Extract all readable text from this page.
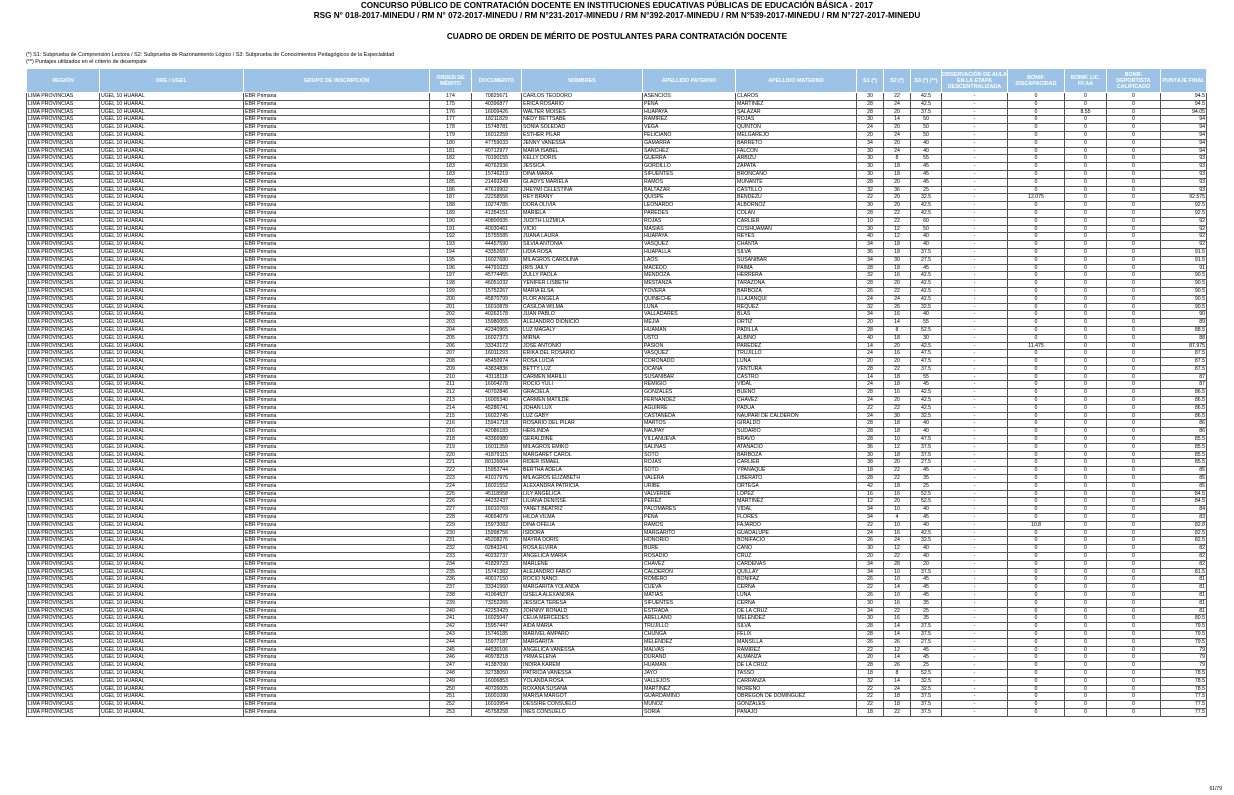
CONCURSO PÚBLICO DE CONTRATACIÓN DOCENTE EN INSTITUCIONES EDUCATIVAS PÚBLICAS DE EDUCACIÓN BÁSICA - 2017
RSG N° 018-2017-MINEDU / RM N° 072-2017-MINEDU / RM N°231-2017-MINEDU / RM N°392-2017-MINEDU / RM N°539-2017-MINEDU / RM N°727-2017-MINEDU
CUADRO DE ORDEN DE MÉRITO DE POSTULANTES PARA CONTRATACIÓN DOCENTE
(*) S1: Subprueba de Comprensión Lectora / S2: Subprueba de Razonamiento Lógico / S3: Subprueba de Conocimientos Pedagógicos de la Especialidad
(**) Puntajes utilizados en el criterio de desempate
REGIÓN	DRE / UGEL	GRUPO DE INSCRIPCIÓN	ORDEN DE MÉRITO	DOCUMENTO	NOMBRES	APELLIDO PATERNO	APELLIDO MATERNO	S1 (*)	S2 (*)	S3 (*) (**)	OBSERVACIÓN DE AULA EN LA ETAPA DESCENTRALIZADA	BONIF. DISCAPACIDAD	BONIF. LIC. FF.AA	BONIF. DEPORTISTA CALIFICADO	PUNTAJE FINAL
LIMA PROVINCIAS	UGEL 10 HUARAL	EBR Primaria	174	70825671	CARLOS TEODORO	ASENCIOS	CLAROS	30	22	42.5	-	0	0	0	94.5
LIMA PROVINCIAS	UGEL 10 HUARAL	EBR Primaria	175	40396877	ERICA ROSARIO	PEÑA	MARTINEZ	28	24	42.5	-	0	0	0	94.5
LIMA PROVINCIAS	UGEL 10 HUARAL	EBR Primaria	176	16009426	WALTER MOISES	HUAPAYA	SALAZAR	28	20	37.5	-	0	8.55	0	94.05
LIMA PROVINCIAS	UGEL 10 HUARAL	EBR Primaria	177	18211829	NEDY BETTSABE	RAMIREZ	ROJAS	30	14	50	-	0	0	0	94
LIMA PROVINCIAS	UGEL 10 HUARAL	EBR Primaria	178	15748781	SONIA SOLEDAD	VEGA	QUINTON	24	20	50	-	0	0	0	94
LIMA PROVINCIAS	UGEL 10 HUARAL	EBR Primaria	179	16012259	ESTHER PILAR	FELICIANO	MELGAREJO	20	24	50	-	0	0	0	94
LIMA PROVINCIAS	UGEL 10 HUARAL	EBR Primaria	180	47759033	JENNY VANESSA	GAMARRA	BARRETO	34	20	40	-	0	0	0	94
LIMA PROVINCIAS	UGEL 10 HUARAL	EBR Primaria	181	40712977	MARIA ISABEL	SANCHEZ	FALCON	30	24	40	-	0	0	0	94
LIMA PROVINCIAS	UGEL 10 HUARAL	EBR Primaria	182	70190155	KELLY DORIS	GUERRA	ARBIZU	30	8	55	-	0	0	0	93
LIMA PROVINCIAS	UGEL 10 HUARAL	EBR Primaria	183	40762936	JESSICA	GORDILLO	ZAPATA	30	18	45	-	0	0	0	93
LIMA PROVINCIAS	UGEL 10 HUARAL	EBR Primaria	183	15746219	DINA MARIA	SIFUENTES	BRONCANO	30	18	45	-	0	0	0	93
LIMA PROVINCIAS	UGEL 10 HUARAL	EBR Primaria	185	21493249	GLADYS MARIELA	RAMOS	MUÑANTE	28	20	45	-	0	0	0	93
LIMA PROVINCIAS	UGEL 10 HUARAL	EBR Primaria	186	47619902	JHEYMI CELESTINA	BALTAZAR	CASTILLO	32	36	25	-	0	0	0	93
LIMA PROVINCIAS	UGEL 10 HUARAL	EBR Primaria	187	22258556	REY BRANY	QUISPE	BENDEZU	22	20	32.5	-	12.075	0	0	92.575
LIMA PROVINCIAS	UGEL 10 HUARAL	EBR Primaria	188	10274785	DORA OLIVIA	LEONARDO	ALBORNOZ	30	20	42.5	-	0	0	0	92.5
LIMA PROVINCIAS	UGEL 10 HUARAL	EBR Primaria	189	41354151	MARIELA	PAREDES	COLAN	28	22	42.5	-	0	0	0	92.5
LIMA PROVINCIAS	UGEL 10 HUARAL	EBR Primaria	190	40800935	JUDITH LUZMILA	ROJAS	CARLIER	10	22	60	-	0	0	0	92
LIMA PROVINCIAS	UGEL 10 HUARAL	EBR Primaria	191	40030461	VICKI	MASIAS	CUSIHUAMAN	30	12	50	-	0	0	0	92
LIMA PROVINCIAS	UGEL 10 HUARAL	EBR Primaria	192	15755585	JUANA LAURA	HUAPAYA	REYES	40	12	40	-	0	0	0	92
LIMA PROVINCIAS	UGEL 10 HUARAL	EBR Primaria	193	44457590	SILVIA ANTONIA	VASQUEZ	CHANTA	34	18	40	-	0	0	0	92
LIMA PROVINCIAS	UGEL 10 HUARAL	EBR Primaria	194	43352657	LIDIA ROSA	HUAPALLA	SILVA	36	18	37.5	-	0	0	0	91.5
LIMA PROVINCIAS	UGEL 10 HUARAL	EBR Primaria	195	16027680	MILAGROS CAROLINA	LAOS	SUSANIBAR	34	30	27.5	-	0	0	0	91.5
LIMA PROVINCIAS	UGEL 10 HUARAL	EBR Primaria	196	44791023	IRIS JAILY	MACEDO	PAIMA	28	18	45	-	0	0	0	91
LIMA PROVINCIAS	UGEL 10 HUARAL	EBR Primaria	197	45774455	ZULLY PAOLA	MENDOZA	HERRERA	32	16	42.5	-	0	0	0	90.5
LIMA PROVINCIAS	UGEL 10 HUARAL	EBR Primaria	198	46051032	YENIFER LISBETH	MESTANZA	TARAZONA	28	20	42.5	-	0	0	0	90.5
LIMA PROVINCIAS	UGEL 10 HUARAL	EBR Primaria	199	15752267	MARIA ELSA	YOVERA	BARBOZA	26	22	42.5	-	0	0	0	90.5
LIMA PROVINCIAS	UGEL 10 HUARAL	EBR Primaria	200	45870799	FLOR ANGELA	QUINECHE	ILLAJANQUI	24	24	42.5	-	0	0	0	90.5
LIMA PROVINCIAS	UGEL 10 HUARAL	EBR Primaria	201	16010878	CASILDA WILMA	LUNA	REQUEZ	32	26	32.5	-	0	0	0	90.5
LIMA PROVINCIAS	UGEL 10 HUARAL	EBR Primaria	202	40262178	JUAN PABLO	VALLADARES	BLAS	34	16	40	-	0	0	0	90
LIMA PROVINCIAS	UGEL 10 HUARAL	EBR Primaria	203	15980055	ALEJANDRO DIONICIO	MEJIA	ORTIZ	20	14	55	-	0	0	0	89
LIMA PROVINCIAS	UGEL 10 HUARAL	EBR Primaria	204	42340965	LUZ MAGALY	HUAMAN	PADILLA	28	8	52.5	-	0	0	0	88.5
LIMA PROVINCIAS	UGEL 10 HUARAL	EBR Primaria	205	16027373	MIRNA	USTO	ALBINO	40	18	30	-	0	0	0	88
LIMA PROVINCIAS	UGEL 10 HUARAL	EBR Primaria	206	33343172	JOSE ANTONIO	PASION	PAREDEZ	14	20	42.5	-	11.475	0	0	87.975
LIMA PROVINCIAS	UGEL 10 HUARAL	EBR Primaria	207	16011293	ERIKA DEL ROSARIO	VASQUEZ	TRUJILLO	24	16	47.5	-	0	0	0	87.5
LIMA PROVINCIAS	UGEL 10 HUARAL	EBR Primaria	208	45450974	ROSA LUCIA	CORONADO	LUNA	20	20	47.5	-	0	0	0	87.5
LIMA PROVINCIAS	UGEL 10 HUARAL	EBR Primaria	209	43834836	BETTY LUZ	OCAÑA	VENTURA	28	22	37.5	-	0	0	0	87.5
LIMA PROVINCIAS	UGEL 10 HUARAL	EBR Primaria	210	43118118	CARMEN MARILU	SUSANIBAR	CASTRO	14	18	55	-	0	0	0	87
LIMA PROVINCIAS	UGEL 10 HUARAL	EBR Primaria	211	16004278	ROCIO YULI	REMIGIO	VIDAL	24	18	45	-	0	0	0	87
LIMA PROVINCIAS	UGEL 10 HUARAL	EBR Primaria	212	40702846	GRACIELA	GONZALES	BUENO	28	16	42.5	-	0	0	0	86.5
LIMA PROVINCIAS	UGEL 10 HUARAL	EBR Primaria	213	16005340	CARMEN MATILDE	FERNANDEZ	CHAVEZ	24	20	42.5	-	0	0	0	86.5
LIMA PROVINCIAS	UGEL 10 HUARAL	EBR Primaria	214	45286741	JOHAN LUX	AGUIRRE	PADUA	22	22	42.5	-	0	0	0	86.5
LIMA PROVINCIAS	UGEL 10 HUARAL	EBR Primaria	215	16022745	LUZ GABY	CASTAÑEDA	NAUPARI DE CALDERON	24	30	32.5	-	0	0	0	86.5
LIMA PROVINCIAS	UGEL 10 HUARAL	EBR Primaria	216	15941718	ROSARIO DEL PILAR	MARTOS	GIRALDO	28	18	40	-	0	0	0	86
LIMA PROVINCIAS	UGEL 10 HUARAL	EBR Primaria	216	42086183	HERLINDA	NAUPAY	SUDARIO	28	18	40	-	0	0	0	86
LIMA PROVINCIAS	UGEL 10 HUARAL	EBR Primaria	218	43366980	GERALDINE	VILLANUEVA	BRAVO	28	10	47.5	-	0	0	0	85.5
LIMA PROVINCIAS	UGEL 10 HUARAL	EBR Primaria	219	16011359	MILAGROS EMIKO	SALINAS	ATANACIO	36	12	37.5	-	0	0	0	85.5
LIMA PROVINCIAS	UGEL 10 HUARAL	EBR Primaria	220	41879115	MARGARET CAROL	SOTO	BARBOZA	30	18	37.5	-	0	0	0	85.5
LIMA PROVINCIAS	UGEL 10 HUARAL	EBR Primaria	221	80126604	RIDER ISMAEL	ROJAS	CARLIER	38	20	27.5	-	0	0	0	85.5
LIMA PROVINCIAS	UGEL 10 HUARAL	EBR Primaria	222	15953744	BERTHA ADELA	SOTO	YPANAQUE	18	22	45	-	0	0	0	85
LIMA PROVINCIAS	UGEL 10 HUARAL	EBR Primaria	223	41017976	MILAGROS ELIZABETH	VALERA	LIBERATO	28	22	35	-	0	0	0	85
LIMA PROVINCIAS	UGEL 10 HUARAL	EBR Primaria	224	16021552	ALEXANDRA PATRICIA	URIBE	ORTEGA	42	18	25	-	0	0	0	85
LIMA PROVINCIAS	UGEL 10 HUARAL	EBR Primaria	225	45118958	LILY ANGELICA	VALVERDE	LOPEZ	16	16	52.5	-	0	0	0	84.5
LIMA PROVINCIAS	UGEL 10 HUARAL	EBR Primaria	226	44232437	LILIANA DENISSE	PEREZ	MARTINEZ	12	20	52.5	-	0	0	0	84.5
LIMA PROVINCIAS	UGEL 10 HUARAL	EBR Primaria	227	16010769	YANET BEATRIZ	PALOMARES	VIDAL	34	10	40	-	0	0	0	84
LIMA PROVINCIAS	UGEL 10 HUARAL	EBR Primaria	228	40654079	HILDA VILMA	PEÑA	FLORES	34	4	45	-	0	0	0	83
LIMA PROVINCIAS	UGEL 10 HUARAL	EBR Primaria	229	15973082	DINA OFELIA	RAMOS	FAJARDO	22	10	40	-	10.8	0	0	82.8
LIMA PROVINCIAS	UGEL 10 HUARAL	EBR Primaria	230	15998756	ISIDORA	MARGARITO	GUADALUPE	24	16	42.5	-	0	0	0	82.5
LIMA PROVINCIAS	UGEL 10 HUARAL	EBR Primaria	231	45208276	MAYRA DORIS	HONORIO	BONIFACIO	26	24	32.5	-	0	0	0	82.5
LIMA PROVINCIAS	UGEL 10 HUARAL	EBR Primaria	232	02843241	ROSA ELVIRA	BURE	CANO	30	12	40	-	0	0	0	82
LIMA PROVINCIAS	UGEL 10 HUARAL	EBR Primaria	233	40232737	ANGELICA MARIA	ROSADIO	CRUZ	20	22	40	-	0	0	0	82
LIMA PROVINCIAS	UGEL 10 HUARAL	EBR Primaria	234	41829723	MARLENE	CHAVEZ	CARDENAS	34	28	20	-	0	0	0	82
LIMA PROVINCIAS	UGEL 10 HUARAL	EBR Primaria	235	15741382	ALEJANDRO FABIO	CALDERON	QUILLAY	34	10	37.5	-	0	0	0	81.5
LIMA PROVINCIAS	UGEL 10 HUARAL	EBR Primaria	236	40017150	ROCIO NANCI	ROMERO	BONIFAZ	26	10	45	-	0	0	0	81
LIMA PROVINCIAS	UGEL 10 HUARAL	EBR Primaria	237	33341560	MARGARITA YOLANDA	CUEVA	CERNA	22	14	45	-	0	0	0	81
LIMA PROVINCIAS	UGEL 10 HUARAL	EBR Primaria	238	41064537	GISELA ALEXANDRA	MATIAS	LUNA	26	10	45	-	0	0	0	81
LIMA PROVINCIAS	UGEL 10 HUARAL	EBR Primaria	239	73252265	JESSICA TERESA	SIFUENTES	CERNA	30	16	35	-	0	0	0	81
LIMA PROVINCIAS	UGEL 10 HUARAL	EBR Primaria	240	42253429	JOHNNY RONALD	ESTRADA	DE LA CRUZ	34	22	25	-	0	0	0	81
LIMA PROVINCIAS	UGEL 10 HUARAL	EBR Primaria	241	16025047	CELIA MERCEDES	ARELLANO	MELENDEZ	30	16	35	-	0	0	0	80.5
LIMA PROVINCIAS	UGEL 10 HUARAL	EBR Primaria	242	15957447	AIDA MARIA	TRUJILLO	SILVA	28	14	37.5	-	0	0	0	79.5
LIMA PROVINCIAS	UGEL 10 HUARAL	EBR Primaria	243	15746185	MARIVEL AMPARO	CHUNGA	FELIX	28	14	37.5	-	0	0	0	79.5
LIMA PROVINCIAS	UGEL 10 HUARAL	EBR Primaria	244	15977187	MARGARITA	MELENDEZ	MANSILLA	26	26	27.5	-	0	0	0	79.5
LIMA PROVINCIAS	UGEL 10 HUARAL	EBR Primaria	245	44530106	ANGELICA VANESSA	MALVAS	RAMIREZ	22	12	45	-	0	0	0	79
LIMA PROVINCIAS	UGEL 10 HUARAL	EBR Primaria	246	40978218	YRMA ELENA	DURAND	ALMANZA	20	14	45	-	0	0	0	79
LIMA PROVINCIAS	UGEL 10 HUARAL	EBR Primaria	247	41387090	INDIRA KAREM	HUAMAN	DE LA CRUZ	28	26	25	-	0	0	0	79
LIMA PROVINCIAS	UGEL 10 HUARAL	EBR Primaria	248	32738050	PATRICIA VANESSA	JAYO	TASSO	18	8	52.5	-	0	0	0	78.5
LIMA PROVINCIAS	UGEL 10 HUARAL	EBR Primaria	249	16006853	YOLANDA ROSA	VALLEJOS	CARRANZA	32	14	32.5	-	0	0	0	78.5
LIMA PROVINCIAS	UGEL 10 HUARAL	EBR Primaria	250	40726005	ROXANA SUSANA	MARTINEZ	MORENO	22	24	32.5	-	0	0	0	78.5
LIMA PROVINCIAS	UGEL 10 HUARAL	EBR Primaria	251	16001090	MARISA MARGOT	GUARDAMINO	OBREGON DE DOMINGUEZ	22	18	37.5	-	0	0	0	77.5
LIMA PROVINCIAS	UGEL 10 HUARAL	EBR Primaria	252	16010954	DESSIRE CONSUELO	MUÑOZ	GONZALES	22	18	37.5	-	0	0	0	77.5
LIMA PROVINCIAS	UGEL 10 HUARAL	EBR Primaria	253	45758258	INES CONSUELO	SORIA	PANAJO	18	22	37.5	-	0	0	0	77.5
61/79
